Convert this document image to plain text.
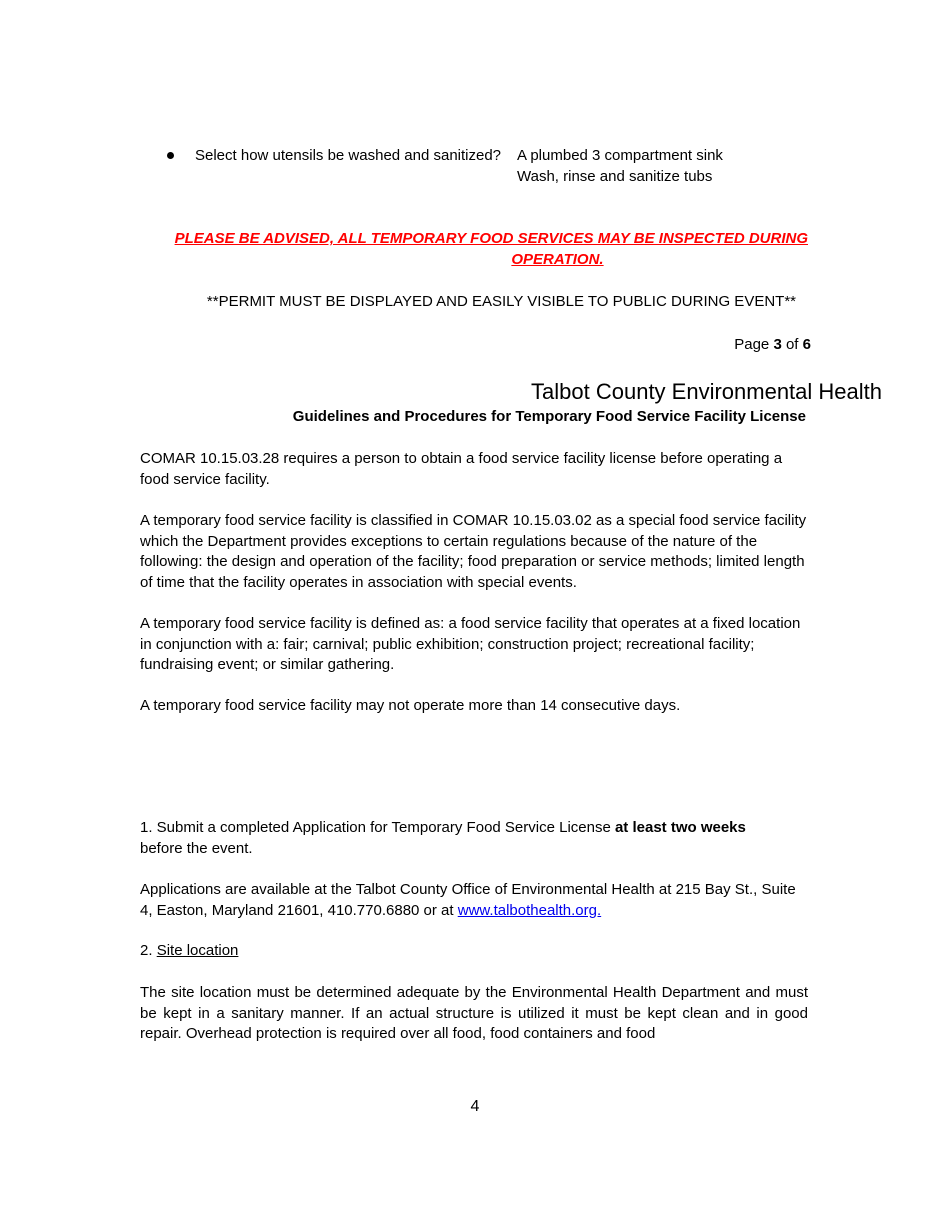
Select how utensils be washed and sanitized? A plumbed 3 compartment sink
Wash, rinse and sanitize tubs
PLEASE BE ADVISED, ALL TEMPORARY FOOD SERVICES MAY BE INSPECTED DURING
OPERATION.
**PERMIT MUST BE DISPLAYED AND EASILY VISIBLE TO PUBLIC DURING EVENT**
Page 3 of 6
Talbot County Environmental Health
Guidelines and Procedures for Temporary Food Service Facility License
COMAR 10.15.03.28 requires a person to obtain a food service facility license before operating a food service facility.
A temporary food service facility is classified in COMAR 10.15.03.02 as a special food service facility which the Department provides exceptions to certain regulations because of the nature of the following: the design and operation of the facility; food preparation or service methods; limited length of time that the facility operates in association with special events.
A temporary food service facility is defined as: a food service facility that operates at a fixed location in conjunction with a: fair; carnival; public exhibition; construction project; recreational facility; fundraising event; or similar gathering.
A temporary food service facility may not operate more than 14 consecutive days.
1. Submit a completed Application for Temporary Food Service License at least two weeks
before the event.
Applications are available at the Talbot County Office of Environmental Health at 215 Bay St., Suite 4, Easton, Maryland 21601, 410.770.6880 or at www.talbothealth.org.
2. Site location
The site location must be determined adequate by the Environmental Health Department and must be kept in a sanitary manner. If an actual structure is utilized it must be kept clean and in good repair. Overhead protection is required over all food, food containers and food
4
